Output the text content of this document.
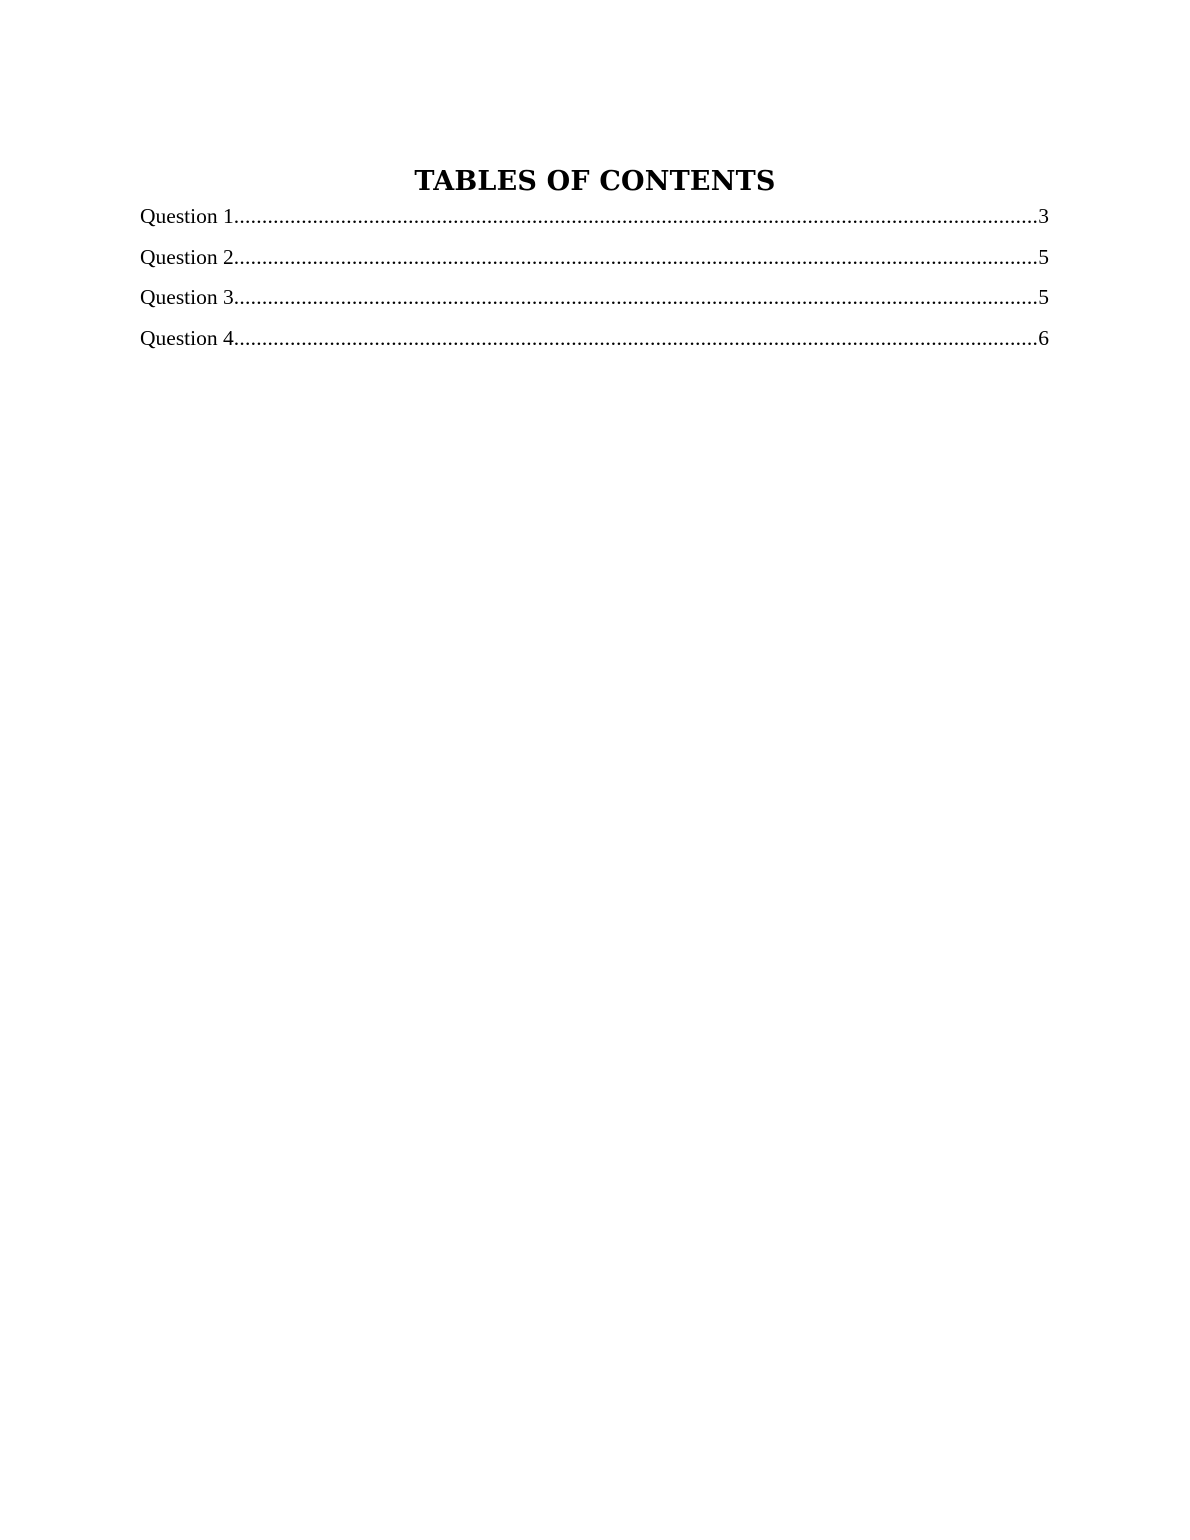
TABLES OF CONTENTS
Question 1 .....	3
Question 2 .....	5
Question 3 .....	5
Question 4 .....	6
